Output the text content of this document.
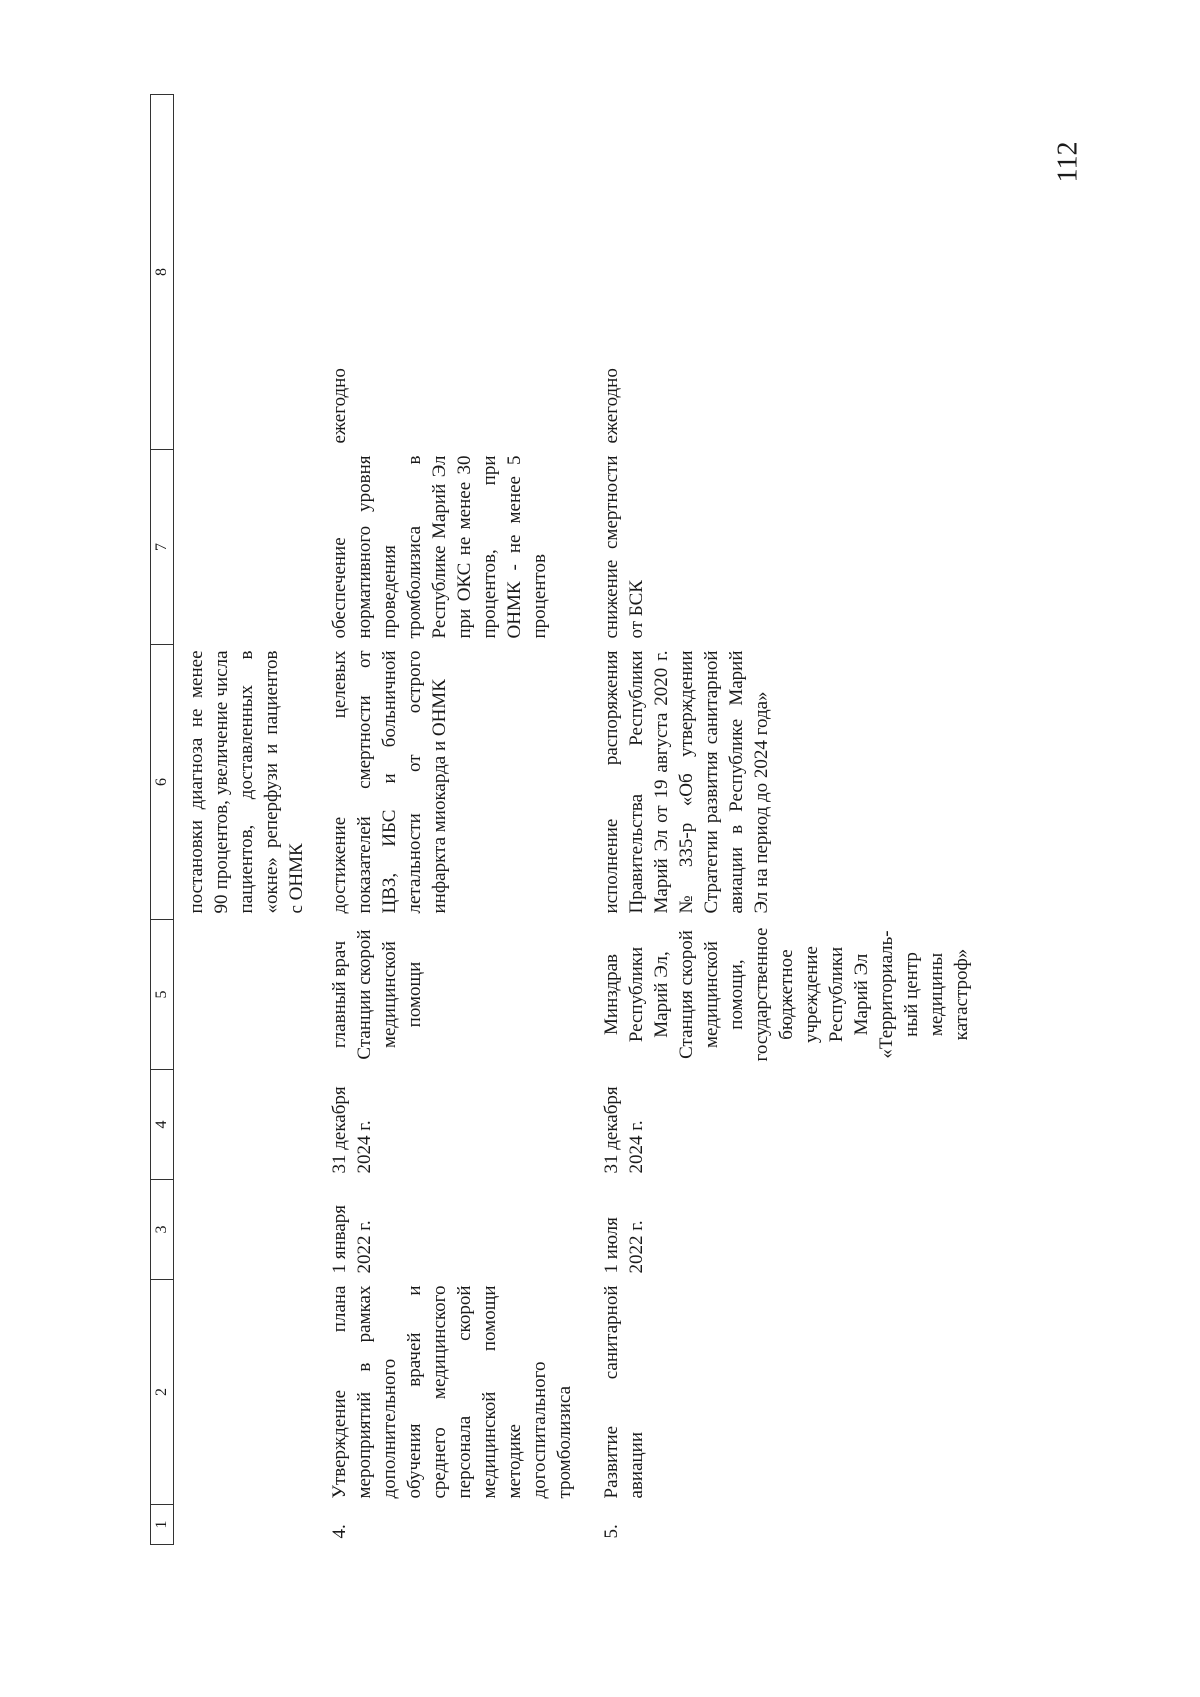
112
1	2	3	4	5	6	7	8
					постановки диагноза не менее 90 процентов, увеличение числа пациентов, доставленных в «окне» реперфузи и пациентов с ОНМК		
4.	Утверждение плана мероприятий в рамках дополнительного обучения врачей и среднего медицинского персонала скорой медицинской помощи методике догоспитального тромболизиса	1 января 2022 г.	31 декабря 2024 г.	главный врач Станции скорой медицинской помощи	достижение целевых показателей смертности от ЦВЗ, ИБС и больничной летальности от острого инфаркта миокарда и ОНМК	обеспечение нормативного уровня проведения тромболизиса в Республике Марий Эл при ОКС не менее 30 процентов, при ОНМК - не менее 5 процентов	ежегодно
5.	Развитие санитарной авиации	1 июля 2022 г.	31 декабря 2024 г.	Минздрав Республики Марий Эл, Станция скорой медицинской помощи, государственное бюджетное учреждение Республики Марий Эл «Территориаль-ный центр медицины катастроф»	исполнение распоряжения Правительства Республики Марий Эл от 19 августа 2020 г. № 335-р «Об утверждении Стратегии развития санитарной авиации в Республике Марий Эл на период до 2024 года»	снижение смертности от БСК	ежегодно
